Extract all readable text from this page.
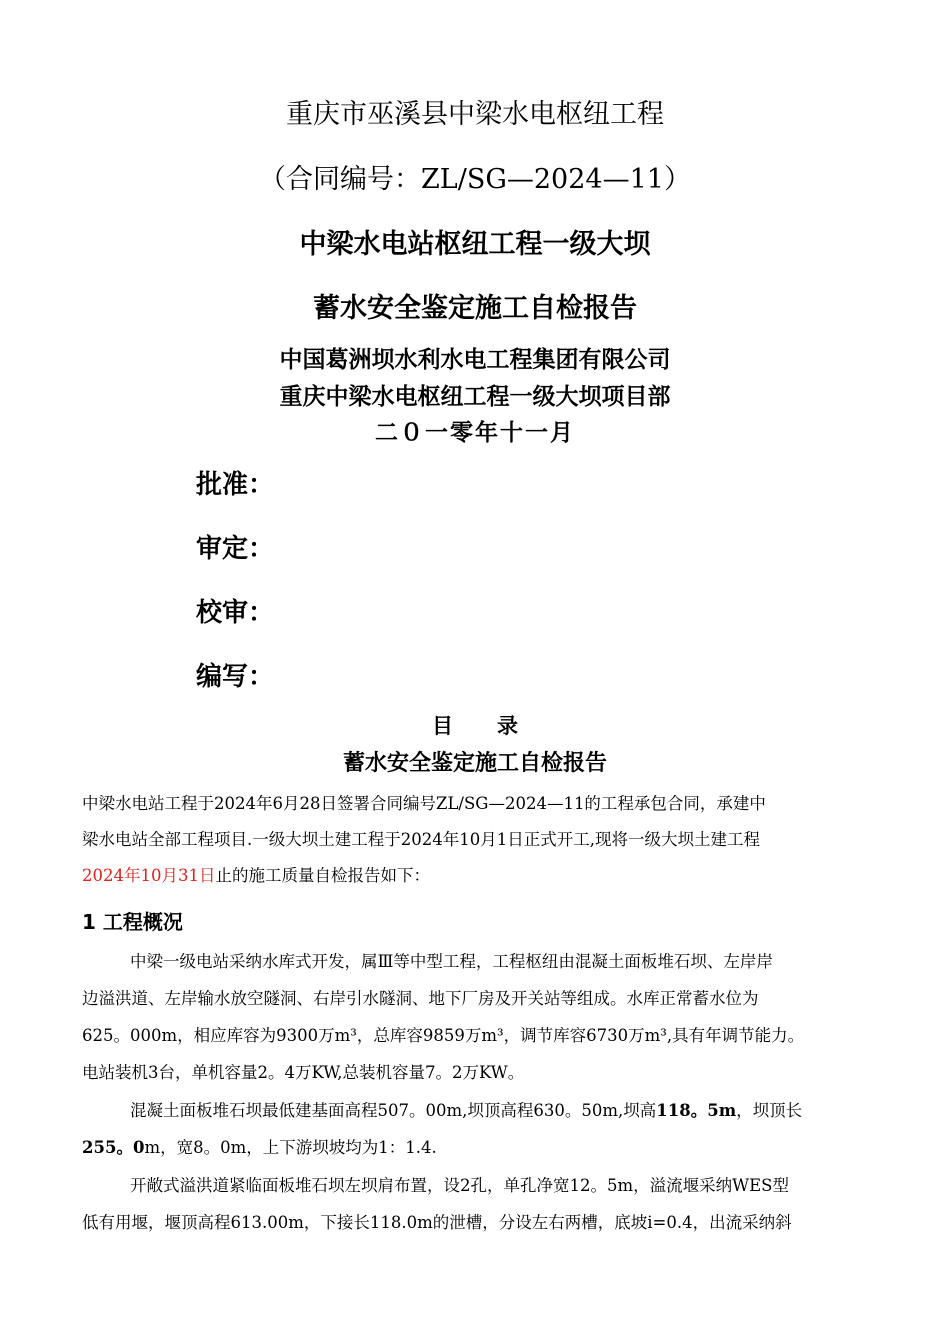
重庆市巫溪县中梁水电枢纽工程
（合同编号：ZL/SG—2024—11）
中梁水电站枢纽工程一级大坝
蓄水安全鉴定施工自检报告
中国葛洲坝水利水电工程集团有限公司
重庆中梁水电枢纽工程一级大坝项目部
二０一零年十一月
批准：
审定：
校审：
编写：
目录
蓄水安全鉴定施工自检报告
中梁水电站工程于2024年6月28日签署合同编号ZL/SG—2024—11的工程承包合同，承建中
梁水电站全部工程项目.一级大坝土建工程于2024年10月1日正式开工,现将一级大坝土建工程
2024年10月31日止的施工质量自检报告如下：
1 工程概况
中梁一级电站采纳水库式开发，属Ⅲ等中型工程，工程枢纽由混凝土面板堆石坝、左岸岸
边溢洪道、左岸输水放空隧洞、右岸引水隧洞、地下厂房及开关站等组成。水库正常蓄水位为
625。000m，相应库容为9300万m³，总库容9859万m³，调节库容6730万m³,具有年调节能力。
电站装机3台，单机容量2。4万KW,总装机容量7。2万KW。
混凝土面板堆石坝最低建基面高程507。00m,坝顶高程630。50m,坝高118。5m，坝顶长
255。0m，宽8。0m，上下游坝坡均为1：1.4.
开敞式溢洪道紧临面板堆石坝左坝肩布置，设2孔，单孔净宽12。5m，溢流堰采纳WES型
低有用堰，堰顶高程613.00m，下接长118.0m的泄槽，分设左右两槽，底坡i=0.4，出流采纳斜
